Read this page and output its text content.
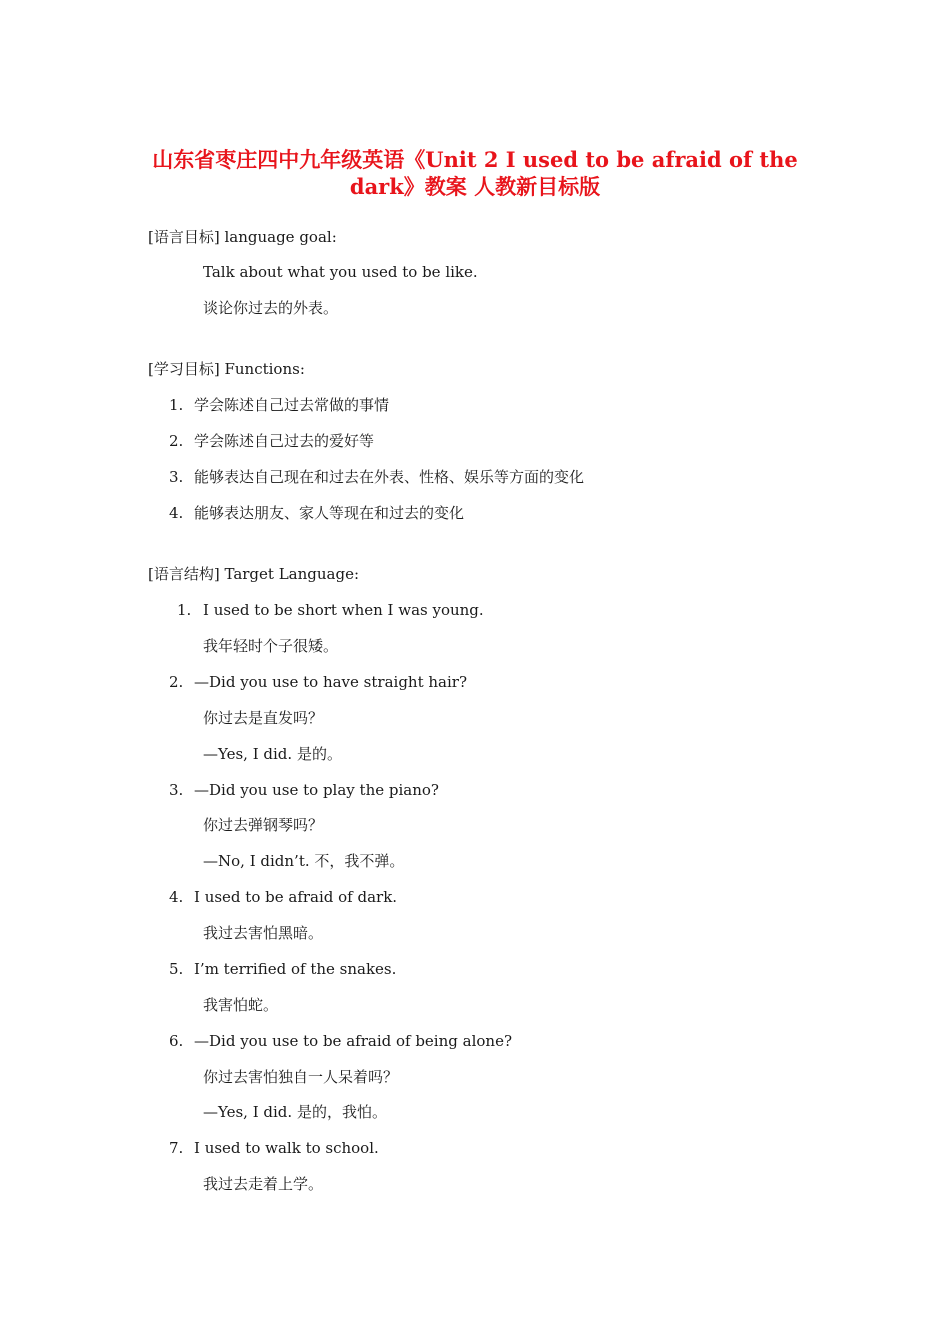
山东省枣庄四中九年级英语《Unit 2 I used to be afraid of the
dark》教案 人教新目标版
[语言目标] language goal:
Talk about what you used to be like.
谈论你过去的外表。
[学习目标] Functions:
1. 学会陈述自己过去常做的事情
2. 学会陈述自己过去的爱好等
3. 能够表达自己现在和过去在外表、性格、娱乐等方面的变化
4. 能够表达朋友、家人等现在和过去的变化
[语言结构] Target Language:
1. I used to be short when I was young.
我年轻时个子很矮。
2. —Did you use to have straight hair?
你过去是直发吗？
—Yes, I did. 是的。
3. —Did you use to play the piano?
你过去弹钢琴吗？
—No, I didn’t. 不，我不弹。
4. I used to be afraid of dark.
我过去害怕黑暗。
5. I’m terrified of the snakes.
我害怕蛇。
6. —Did you use to be afraid of being alone?
你过去害怕独自一人呆着吗？
—Yes, I did. 是的，我怕。
7. I used to walk to school.
我过去走着上学。
